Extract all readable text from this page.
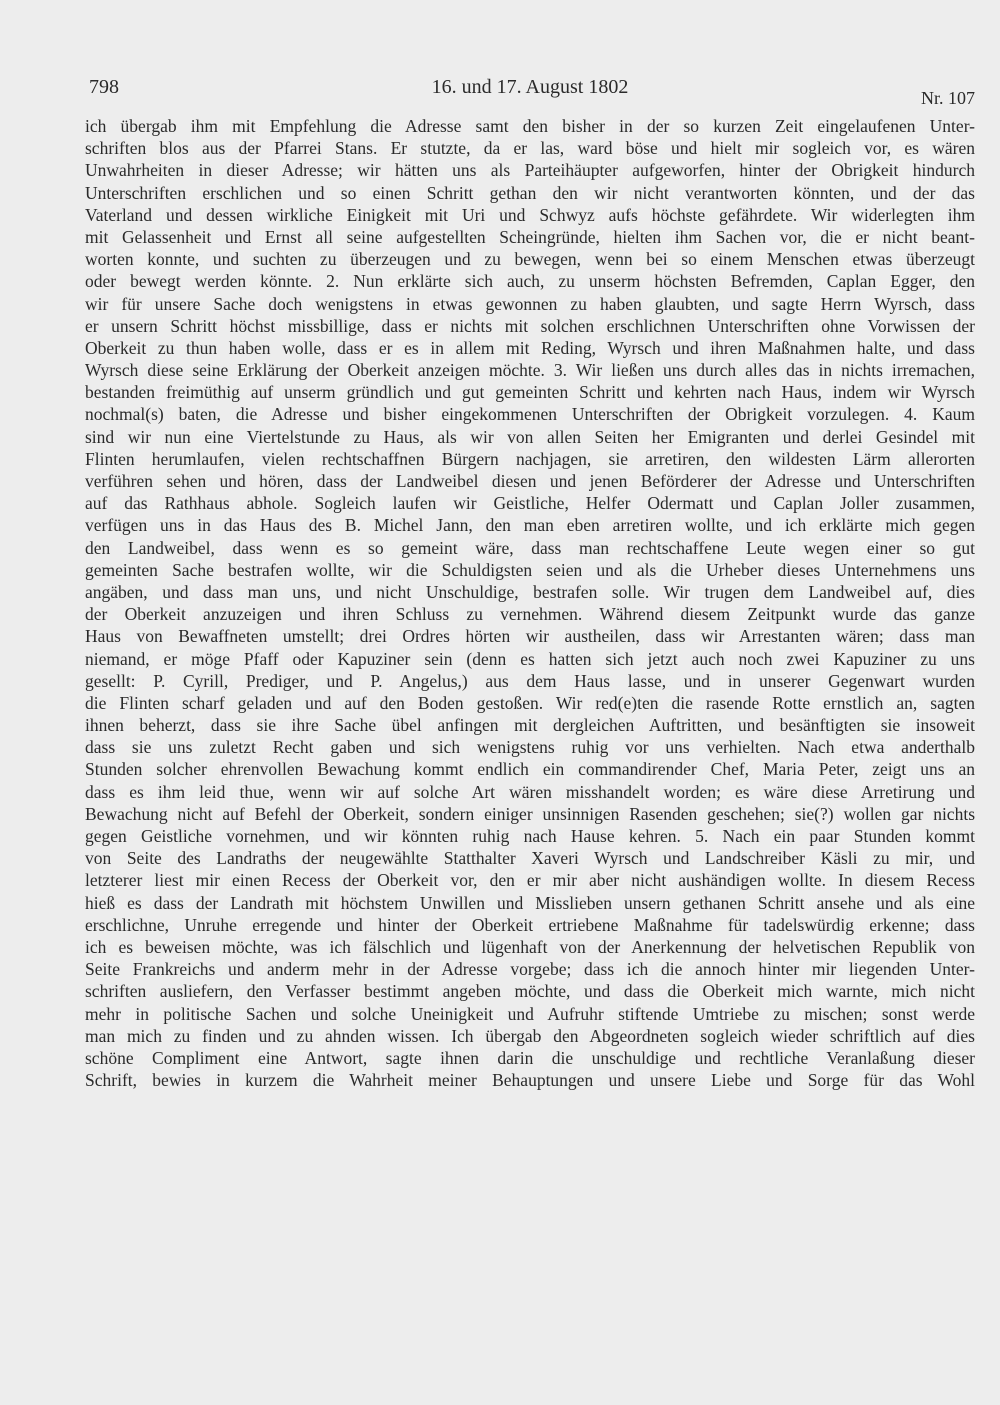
798	16. und 17. August 1802	Nr. 107
ich übergab ihm mit Empfehlung die Adresse samt den bisher in der so kurzen Zeit eingelaufenen Unter-
schriften blos aus der Pfarrei Stans. Er stutzte, da er las, ward böse und hielt mir sogleich vor, es wären
Unwahrheiten in dieser Adresse; wir hätten uns als Parteihäupter aufgeworfen, hinter der Obrigkeit hindurch
Unterschriften erschlichen und so einen Schritt gethan den wir nicht verantworten könnten, und der das
Vaterland und dessen wirkliche Einigkeit mit Uri und Schwyz aufs höchste gefährdete. Wir widerlegten ihm
mit Gelassenheit und Ernst all seine aufgestellten Scheingründe, hielten ihm Sachen vor, die er nicht beant-
worten konnte, und suchten zu überzeugen und zu bewegen, wenn bei so einem Menschen etwas überzeugt
oder bewegt werden könnte. 2. Nun erklärte sich auch, zu unserm höchsten Befremden, Caplan Egger, den
wir für unsere Sache doch wenigstens in etwas gewonnen zu haben glaubten, und sagte Herrn Wyrsch, dass
er unsern Schritt höchst missbillige, dass er nichts mit solchen erschlichnen Unterschriften ohne Vorwissen der
Oberkeit zu thun haben wolle, dass er es in allem mit Reding, Wyrsch und ihren Maßnahmen halte, und dass
Wyrsch diese seine Erklärung der Oberkeit anzeigen möchte. 3. Wir ließen uns durch alles das in nichts irremachen,
bestanden freimüthig auf unserm gründlich und gut gemeinten Schritt und kehrten nach Haus, indem wir Wyrsch
nochmal(s) baten, die Adresse und bisher eingekommenen Unterschriften der Obrigkeit vorzulegen. 4. Kaum
sind wir nun eine Viertelstunde zu Haus, als wir von allen Seiten her Emigranten und derlei Gesindel mit
Flinten herumlaufen, vielen rechtschaffnen Bürgern nachjagen, sie arretiren, den wildesten Lärm allerorten
verführen sehen und hören, dass der Landweibel diesen und jenen Beförderer der Adresse und Unterschriften
auf das Rathhaus abhole. Sogleich laufen wir Geistliche, Helfer Odermatt und Caplan Joller zusammen,
verfügen uns in das Haus des B. Michel Jann, den man eben arretiren wollte, und ich erklärte mich gegen
den Landweibel, dass wenn es so gemeint wäre, dass man rechtschaffene Leute wegen einer so gut
gemeinten Sache bestrafen wollte, wir die Schuldigsten seien und als die Urheber dieses Unternehmens uns
angäben, und dass man uns, und nicht Unschuldige, bestrafen solle. Wir trugen dem Landweibel auf, dies
der Oberkeit anzuzeigen und ihren Schluss zu vernehmen. Während diesem Zeitpunkt wurde das ganze
Haus von Bewaffneten umstellt; drei Ordres hörten wir austheilen, dass wir Arrestanten wären; dass man
niemand, er möge Pfaff oder Kapuziner sein (denn es hatten sich jetzt auch noch zwei Kapuziner zu uns
gesellt: P. Cyrill, Prediger, und P. Angelus,) aus dem Haus lasse, und in unserer Gegenwart wurden
die Flinten scharf geladen und auf den Boden gestoßen. Wir red(e)ten die rasende Rotte ernstlich an, sagten
ihnen beherzt, dass sie ihre Sache übel anfingen mit dergleichen Auftritten, und besänftigten sie insoweit
dass sie uns zuletzt Recht gaben und sich wenigstens ruhig vor uns verhielten. Nach etwa anderthalb
Stunden solcher ehrenvollen Bewachung kommt endlich ein commandirender Chef, Maria Peter, zeigt uns an
dass es ihm leid thue, wenn wir auf solche Art wären misshandelt worden; es wäre diese Arretirung und
Bewachung nicht auf Befehl der Oberkeit, sondern einiger unsinnigen Rasenden geschehen; sie(?) wollen gar nichts
gegen Geistliche vornehmen, und wir könnten ruhig nach Hause kehren. 5. Nach ein paar Stunden kommt
von Seite des Landraths der neugewählte Statthalter Xaveri Wyrsch und Landschreiber Käsli zu mir, und
letzterer liest mir einen Recess der Oberkeit vor, den er mir aber nicht aushändigen wollte. In diesem Recess
hieß es dass der Landrath mit höchstem Unwillen und Misslieben unsern gethanen Schritt ansehe und als eine
erschlichne, Unruhe erregende und hinter der Oberkeit ertriebene Maßnahme für tadelswürdig erkenne; dass
ich es beweisen möchte, was ich fälschlich und lügenhaft von der Anerkennung der helvetischen Republik von
Seite Frankreichs und anderm mehr in der Adresse vorgebe; dass ich die annoch hinter mir liegenden Unter-
schriften ausliefern, den Verfasser bestimmt angeben möchte, und dass die Oberkeit mich warnte, mich nicht
mehr in politische Sachen und solche Uneinigkeit und Aufruhr stiftende Umtriebe zu mischen; sonst werde
man mich zu finden und zu ahnden wissen. Ich übergab den Abgeordneten sogleich wieder schriftlich auf dies
schöne Compliment eine Antwort, sagte ihnen darin die unschuldige und rechtliche Veranlaßung dieser
Schrift, bewies in kurzem die Wahrheit meiner Behauptungen und unsere Liebe und Sorge für das Wohl
